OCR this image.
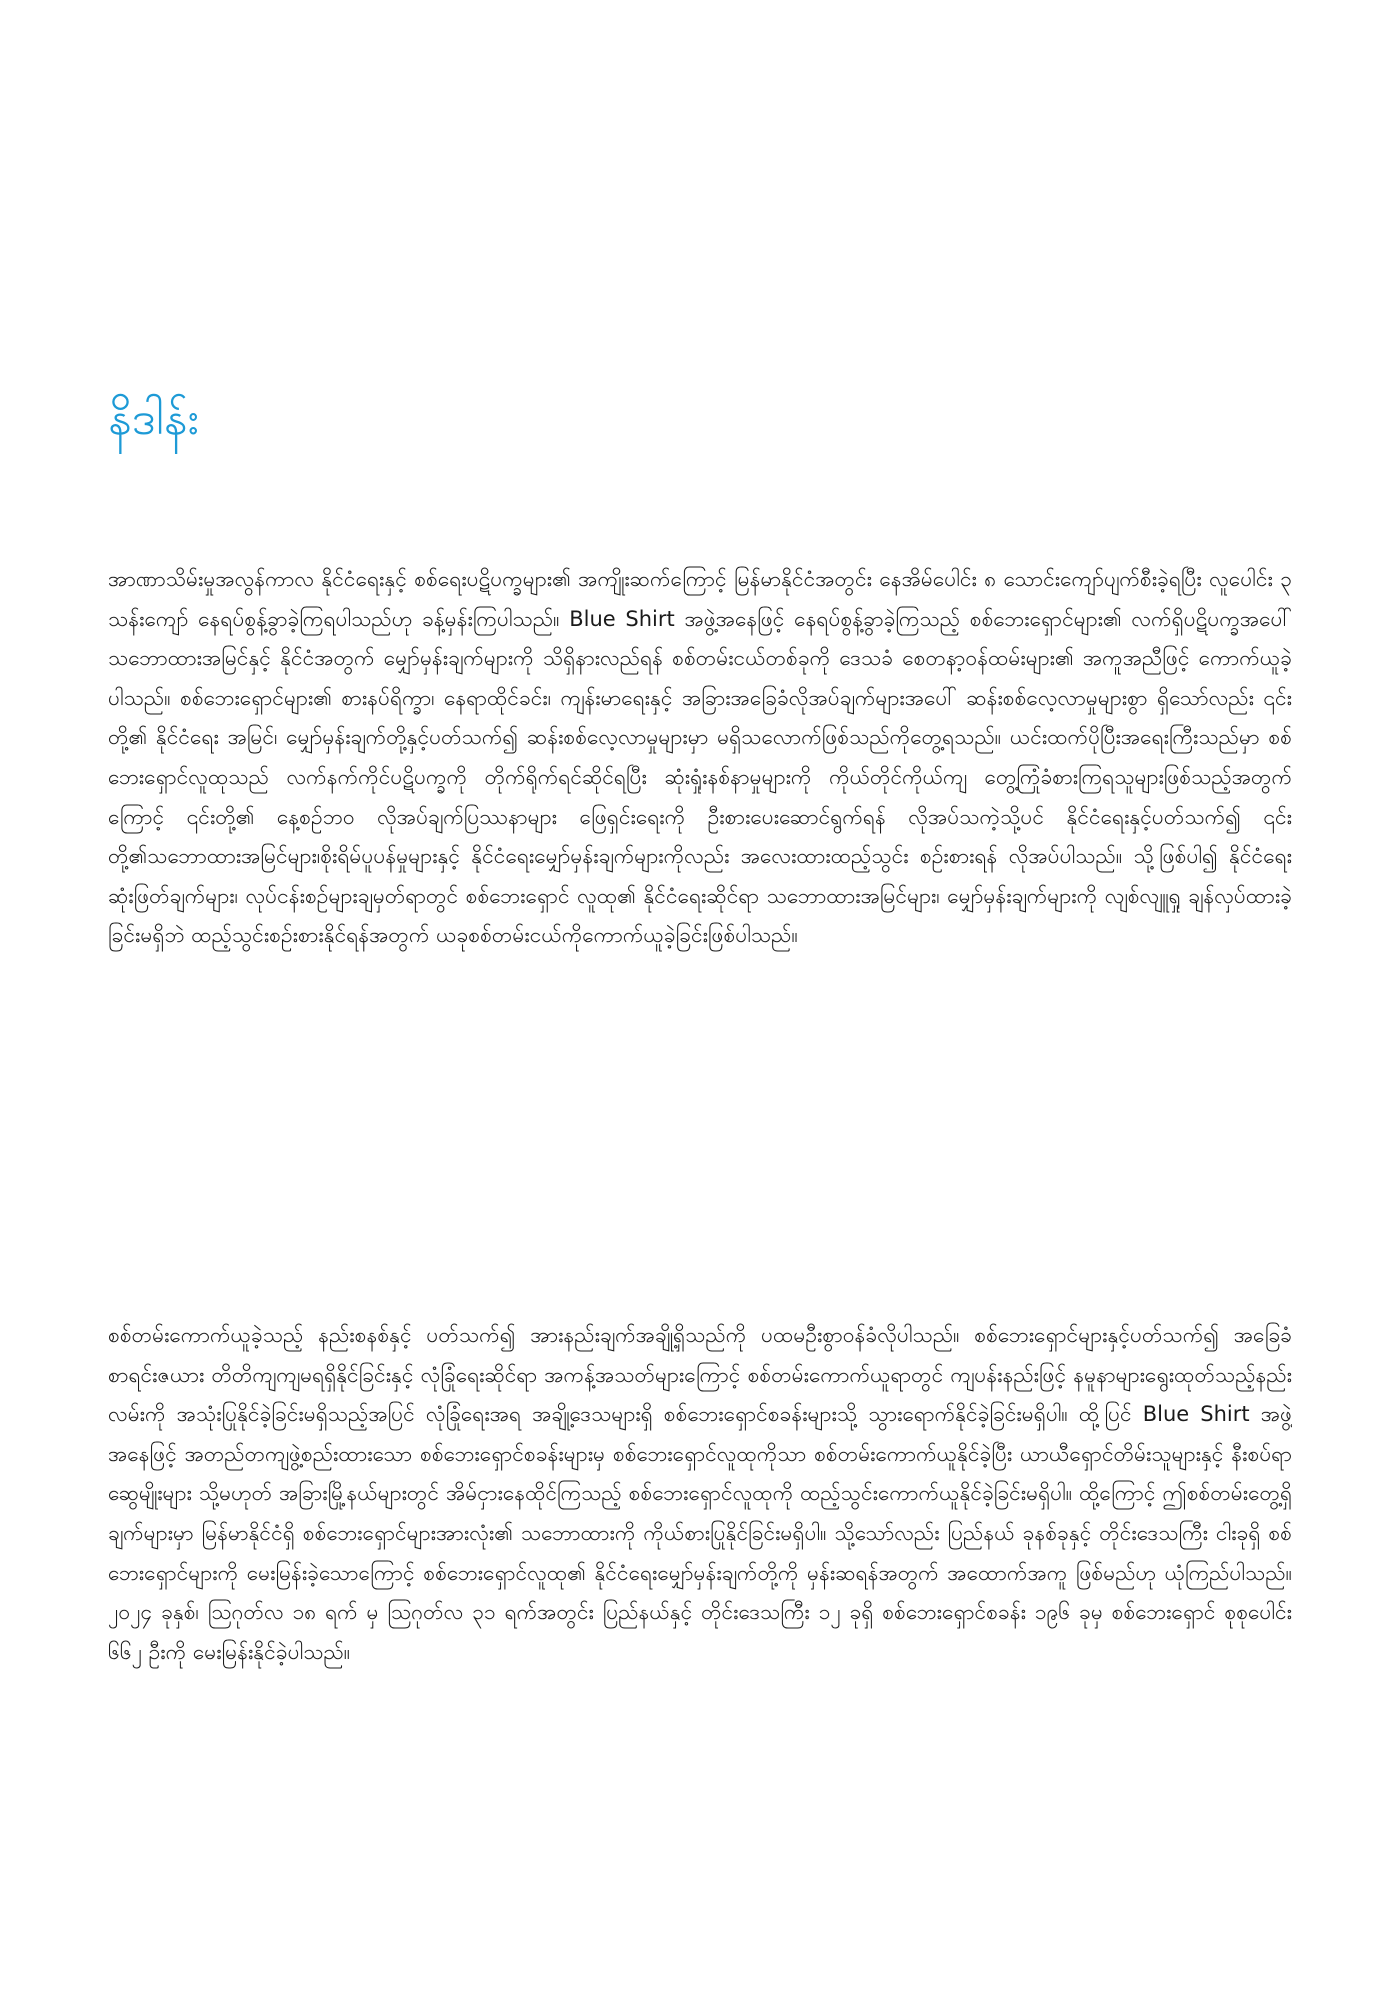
နိဒါန်း

အာဏာသိမ်းမှုအလွန်ကာလ နိုင်ငံရေးနှင့် စစ်ရေးပဋိပက္ခများ၏ အကျိုးဆက်ကြောင့် မြန်မာနိုင်ငံအတွင်း နေအိမ်ပေါင်း ၈ သောင်းကျော်ပျက်စီးခဲ့ရပြီး လူပေါင်း ၃ သန်းကျော် နေရပ်စွန့်ခွာခဲ့ကြရပါသည်ဟု ခန့်မှန်းကြပါသည်။ Blue Shirt အဖွဲ့အနေဖြင့် နေရပ်စွန့်ခွာခဲ့ကြသည့် စစ်ဘေးရှောင်များ၏ လက်ရှိပဋိပက္ခအပေါ် သဘောထားအမြင်နှင့် နိုင်ငံအတွက် မျှော်မှန်းချက်များကို သိရှိနားလည်ရန် စစ်တမ်းငယ်တစ်ခုကို ဒေသခံ စေတနာ့ဝန်ထမ်းများ၏ အကူအညီဖြင့် ကောက်ယူခဲ့ပါသည်။ စစ်ဘေးရှောင်များ၏ စားနပ်ရိက္ခာ၊ နေရာထိုင်ခင်း၊ ကျန်းမာရေးနှင့် အခြားအခြေခံလိုအပ်ချက်များအပေါ် ဆန်းစစ်လေ့လာမှုများစွာ ရှိသော်လည်း ၎င်းတို့၏ နိုင်ငံရေး အမြင်၊ မျှော်မှန်းချက်တို့နှင့်ပတ်သက်၍ ဆန်းစစ်လေ့လာမှုများမှာ မရှိသလောက်ဖြစ်သည်ကိုတွေ့ရသည်။ ယင်းထက်ပိုပြီးအရေးကြီးသည်မှာ စစ်ဘေးရှောင်လူထုသည် လက်နက်ကိုင်ပဋိပက္ခကို တိုက်ရိုက်ရင်ဆိုင်ရပြီး ဆုံးရှုံးနစ်နာမှုများကို ကိုယ်တိုင်ကိုယ်ကျ တွေ့ကြုံခံစားကြရသူများဖြစ်သည့်အတွက်ကြောင့် ၎င်းတို့၏ နေ့စဉ်ဘဝ လိုအပ်ချက်ပြဿနာများ ဖြေရှင်းရေးကို ဦးစားပေးဆောင်ရွက်ရန် လိုအပ်သကဲ့သို့ပင် နိုင်ငံရေးနှင့်ပတ်သက်၍ ၎င်းတို့၏သဘောထားအမြင်များ၊စိုးရိမ်ပူပန်မှုများနှင့် နိုင်ငံရေးမျှော်မှန်းချက်များကိုလည်း အလေးထားထည့်သွင်း စဉ်းစားရန် လိုအပ်ပါသည်။ သို့ဖြစ်ပါ၍ နိုင်ငံရေးဆုံးဖြတ်ချက်များ၊ လုပ်ငန်းစဉ်များချမှတ်ရာတွင် စစ်ဘေးရှောင် လူထု၏ နိုင်ငံရေးဆိုင်ရာ သဘောထားအမြင်များ၊ မျှော်မှန်းချက်များကို လျစ်လျူရှု ချန်လှပ်ထားခဲ့ခြင်းမရှိဘဲ ထည့်သွင်းစဉ်းစားနိုင်ရန်အတွက် ယခုစစ်တမ်းငယ်ကိုကောက်ယူခဲ့ခြင်းဖြစ်ပါသည်။

စစ်တမ်းကောက်ယူခဲ့သည့် နည်းစနစ်နှင့် ပတ်သက်၍ အားနည်းချက်အချို့ရှိသည်ကို ပထမဦးစွာဝန်ခံလိုပါသည်။ စစ်ဘေးရှောင်များနှင့်ပတ်သက်၍ အခြေခံစာရင်းဇယား တိတိကျကျမရရှိနိုင်ခြင်းနှင့် လုံခြုံရေးဆိုင်ရာ အကန့်အသတ်များကြောင့် စစ်တမ်းကောက်ယူရာတွင် ကျပန်းနည်းဖြင့် နမူနာများရွေးထုတ်သည့်နည်းလမ်းကို အသုံးပြုနိုင်ခဲ့ခြင်းမရှိသည့်အပြင် လုံခြုံရေးအရ အချို့ဒေသများရှိ စစ်ဘေးရှောင်စခန်းများသို့ သွားရောက်နိုင်ခဲ့ခြင်းမရှိပါ။ ထို့ပြင် Blue Shirt အဖွဲ့အနေဖြင့် အတည်တကျဖွဲ့စည်းထားသော စစ်ဘေးရှောင်စခန်းများမှ စစ်ဘေးရှောင်လူထုကိုသာ စစ်တမ်းကောက်ယူနိုင်ခဲ့ပြီး ယာယီရှောင်တိမ်းသူများနှင့် နီးစပ်ရာဆွေမျိုးများ သို့မဟုတ် အခြားမြို့နယ်များတွင် အိမ်ငှားနေထိုင်ကြသည့် စစ်ဘေးရှောင်လူထုကို ထည့်သွင်းကောက်ယူနိုင်ခဲ့ခြင်းမရှိပါ။ ထို့ကြောင့် ဤစစ်တမ်းတွေ့ရှိချက်များမှာ မြန်မာနိုင်ငံရှိ စစ်ဘေးရှောင်များအားလုံး၏ သဘောထားကို ကိုယ်စားပြုနိုင်ခြင်းမရှိပါ။ သို့သော်လည်း ပြည်နယ် ခုနစ်ခုနှင့် တိုင်းဒေသကြီး ငါးခုရှိ စစ်ဘေးရှောင်များကို မေးမြန်းခဲ့သောကြောင့် စစ်ဘေးရှောင်လူထု၏ နိုင်ငံရေးမျှော်မှန်းချက်တို့ကို မှန်းဆရန်အတွက် အထောက်အကူ ဖြစ်မည်ဟု ယုံကြည်ပါသည်။ ၂၀၂၄ ခုနှစ်၊ ဩဂုတ်လ ၁၈ ရက် မှ ဩဂုတ်လ ၃၁ ရက်အတွင်း ပြည်နယ်နှင့် တိုင်းဒေသကြီး ၁၂ ခုရှိ စစ်ဘေးရှောင်စခန်း ၁၉၆ ခုမှ စစ်ဘေးရှောင် စုစုပေါင်း ၆၆၂ ဦးကို မေးမြန်းနိုင်ခဲ့ပါသည်။
